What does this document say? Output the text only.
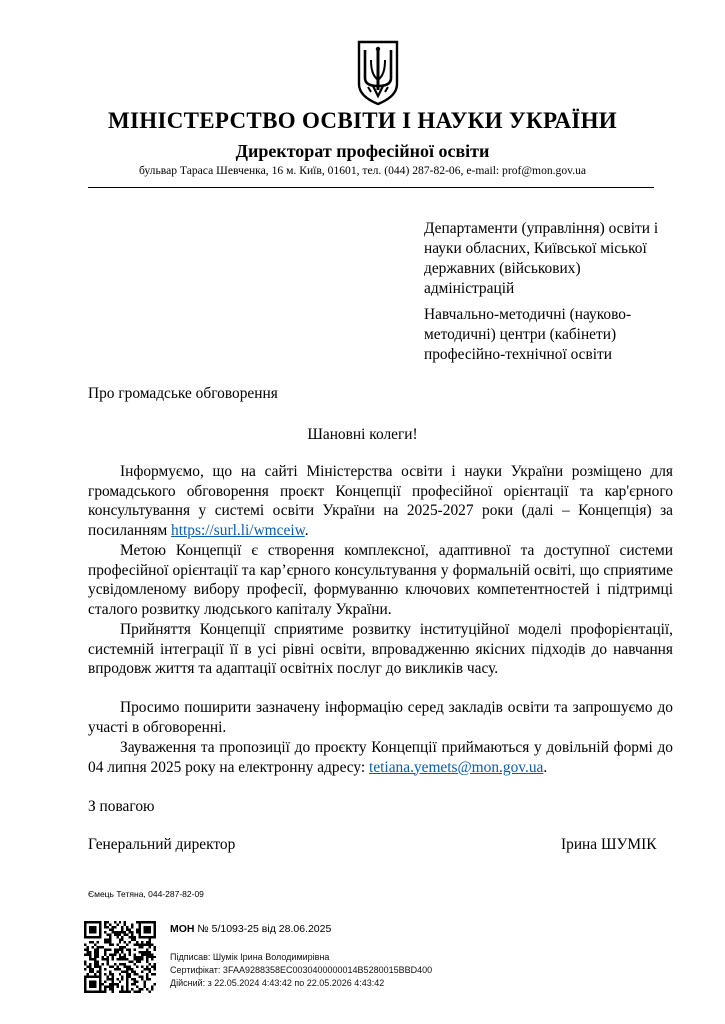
МІНІСТЕРСТВО ОСВІТИ І НАУКИ УКРАЇНИ
Директорат професійної освіти
бульвар Тараса Шевченка, 16 м. Київ, 01601, тел. (044) 287-82-06, e-mail: prof@mon.gov.ua
Департаменти (управління) освіти і науки обласних, Київської міської державних (військових) адміністрацій
Навчально-методичні (науково-методичні) центри (кабінети) професійно-технічної освіти
Про громадське обговорення
Шановні колеги!
Інформуємо, що на сайті Міністерства освіти і науки України розміщено для громадського обговорення проєкт Концепції професійної орієнтації та кар'єрного консультування у системі освіти України на 2025-2027 роки (далі – Концепція) за посиланням https://surl.li/wmceiw.
Метою Концепції є створення комплексної, адаптивної та доступної системи професійної орієнтації та кар’єрного консультування у формальній освіті, що сприятиме усвідомленому вибору професії, формуванню ключових компетентностей і підтримці сталого розвитку людського капіталу України.
Прийняття Концепції сприятиме розвитку інституційної моделі профорієнтації, системній інтеграції її в усі рівні освіти, впровадженню якісних підходів до навчання впродовж життя та адаптації освітніх послуг до викликів часу.
Просимо поширити зазначену інформацію серед закладів освіти та запрошуємо до участі в обговоренні.
Зауваження та пропозиції до проєкту Концепції приймаються у довільній формі до 04 липня 2025 року на електронну адресу: tetiana.yemets@mon.gov.ua.
З повагою
Генеральний директор	Ірина ШУМІК
Ємець Тетяна, 044-287-82-09
МОН № 5/1093-25 від 28.06.2025
Підписав: Шумік Ірина Володимирівна
Сертифікат: 3FAA9288358EC0030400000014B5280015BBD400
Дійсний: з 22.05.2024 4:43:42 по 22.05.2026 4:43:42
